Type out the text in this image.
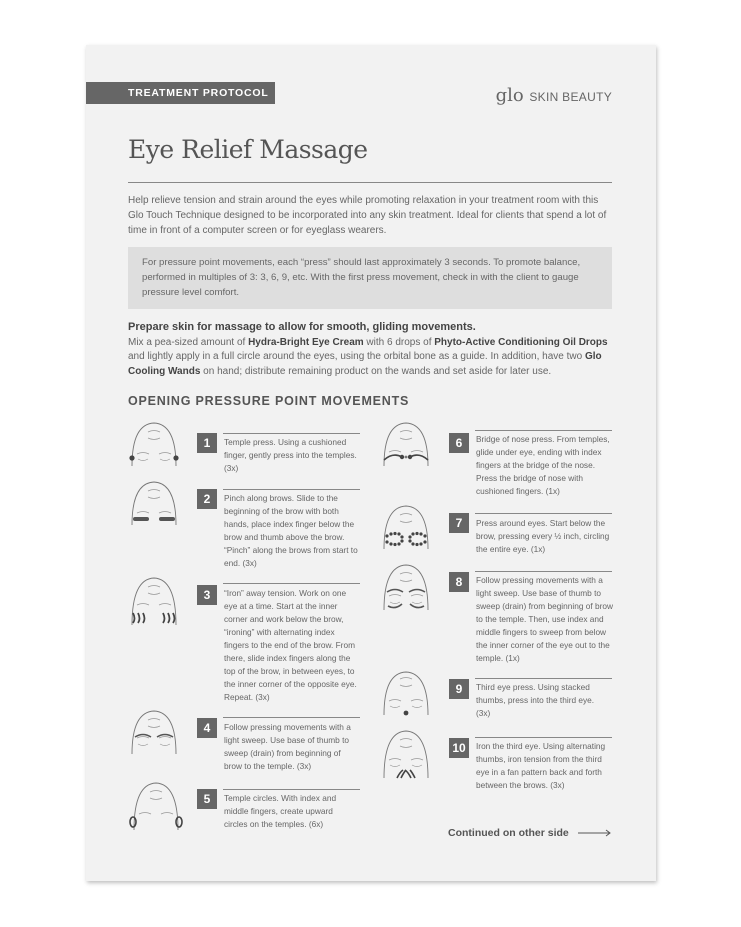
TREATMENT PROTOCOL	glo SKIN BEAUTY
Eye Relief Massage
Help relieve tension and strain around the eyes while promoting relaxation in your treatment room with this Glo Touch Technique designed to be incorporated into any skin treatment. Ideal for clients that spend a lot of time in front of a computer screen or for eyeglass wearers.
For pressure point movements, each “press” should last approximately 3 seconds. To promote balance, performed in multiples of 3: 3, 6, 9, etc. With the first press movement, check in with the client to gauge pressure level comfort.
Prepare skin for massage to allow for smooth, gliding movements.
Mix a pea-sized amount of Hydra-Bright Eye Cream with 6 drops of Phyto-Active Conditioning Oil Drops and lightly apply in a full circle around the eyes, using the orbital bone as a guide. In addition, have two Glo Cooling Wands on hand; distribute remaining product on the wands and set aside for later use.
OPENING PRESSURE POINT MOVEMENTS
1	Temple press. Using a cushioned finger, gently press into the temples. (3x)
2	Pinch along brows. Slide to the beginning of the brow with both hands, place index finger below the brow and thumb above the brow. “Pinch” along the brows from start to end. (3x)
3	“Iron” away tension. Work on one eye at a time. Start at the inner corner and work below the brow, “ironing” with alternating index fingers to the end of the brow. From there, slide index fingers along the top of the brow, in between eyes, to the inner corner of the opposite eye. Repeat. (3x)
4	Follow pressing movements with a light sweep. Use base of thumb to sweep (drain) from beginning of brow to the temple. (3x)
5	Temple circles. With index and middle fingers, create upward circles on the temples. (6x)
6	Bridge of nose press. From temples, glide under eye, ending with index fingers at the bridge of the nose. Press the bridge of nose with cushioned fingers. (1x)
7	Press around eyes. Start below the brow, pressing every ½ inch, circling the entire eye. (1x)
8	Follow pressing movements with a light sweep. Use base of thumb to sweep (drain) from beginning of brow to the temple. Then, use index and middle fingers to sweep from below the inner corner of the eye out to the temple. (1x)
9	Third eye press. Using stacked thumbs, press into the third eye. (3x)
10	Iron the third eye. Using alternating thumbs, iron tension from the third eye in a fan pattern back and forth between the brows. (3x)
Continued on other side
